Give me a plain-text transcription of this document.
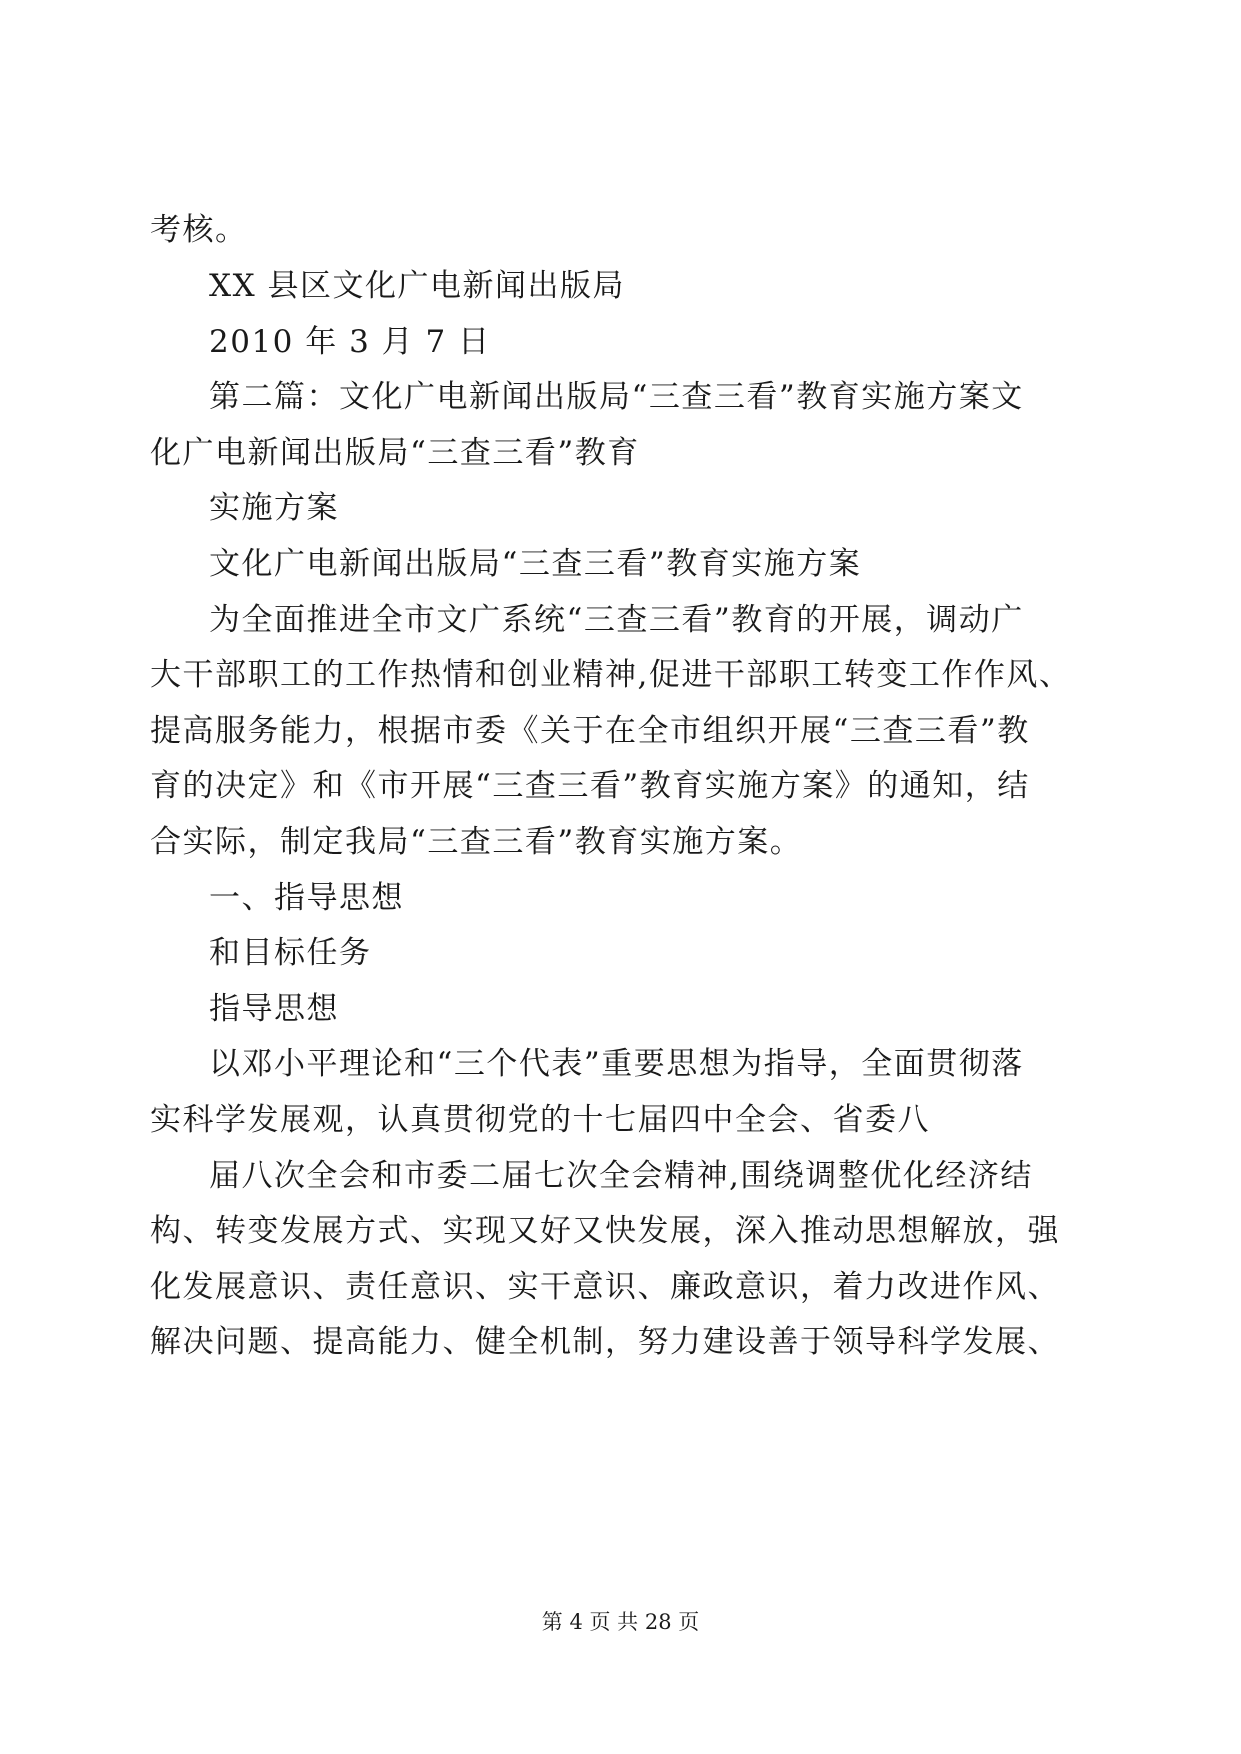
考核。
XX 县区文化广电新闻出版局
2010 年 3 月 7 日
第二篇：文化广电新闻出版局“三查三看”教育实施方案文
化广电新闻出版局“三查三看”教育
实施方案
文化广电新闻出版局“三查三看”教育实施方案
为全面推进全市文广系统“三查三看”教育的开展，调动广
大干部职工的工作热情和创业精神,促进干部职工转变工作作风、
提高服务能力，根据市委《关于在全市组织开展“三查三看”教
育的决定》和《市开展“三查三看”教育实施方案》的通知，结
合实际，制定我局“三查三看”教育实施方案。
一、指导思想
和目标任务
指导思想
以邓小平理论和“三个代表”重要思想为指导，全面贯彻落
实科学发展观，认真贯彻党的十七届四中全会、省委八
届八次全会和市委二届七次全会精神,围绕调整优化经济结
构、转变发展方式、实现又好又快发展，深入推动思想解放，强
化发展意识、责任意识、实干意识、廉政意识，着力改进作风、
解决问题、提高能力、健全机制，努力建设善于领导科学发展、
第 4 页 共 28 页
